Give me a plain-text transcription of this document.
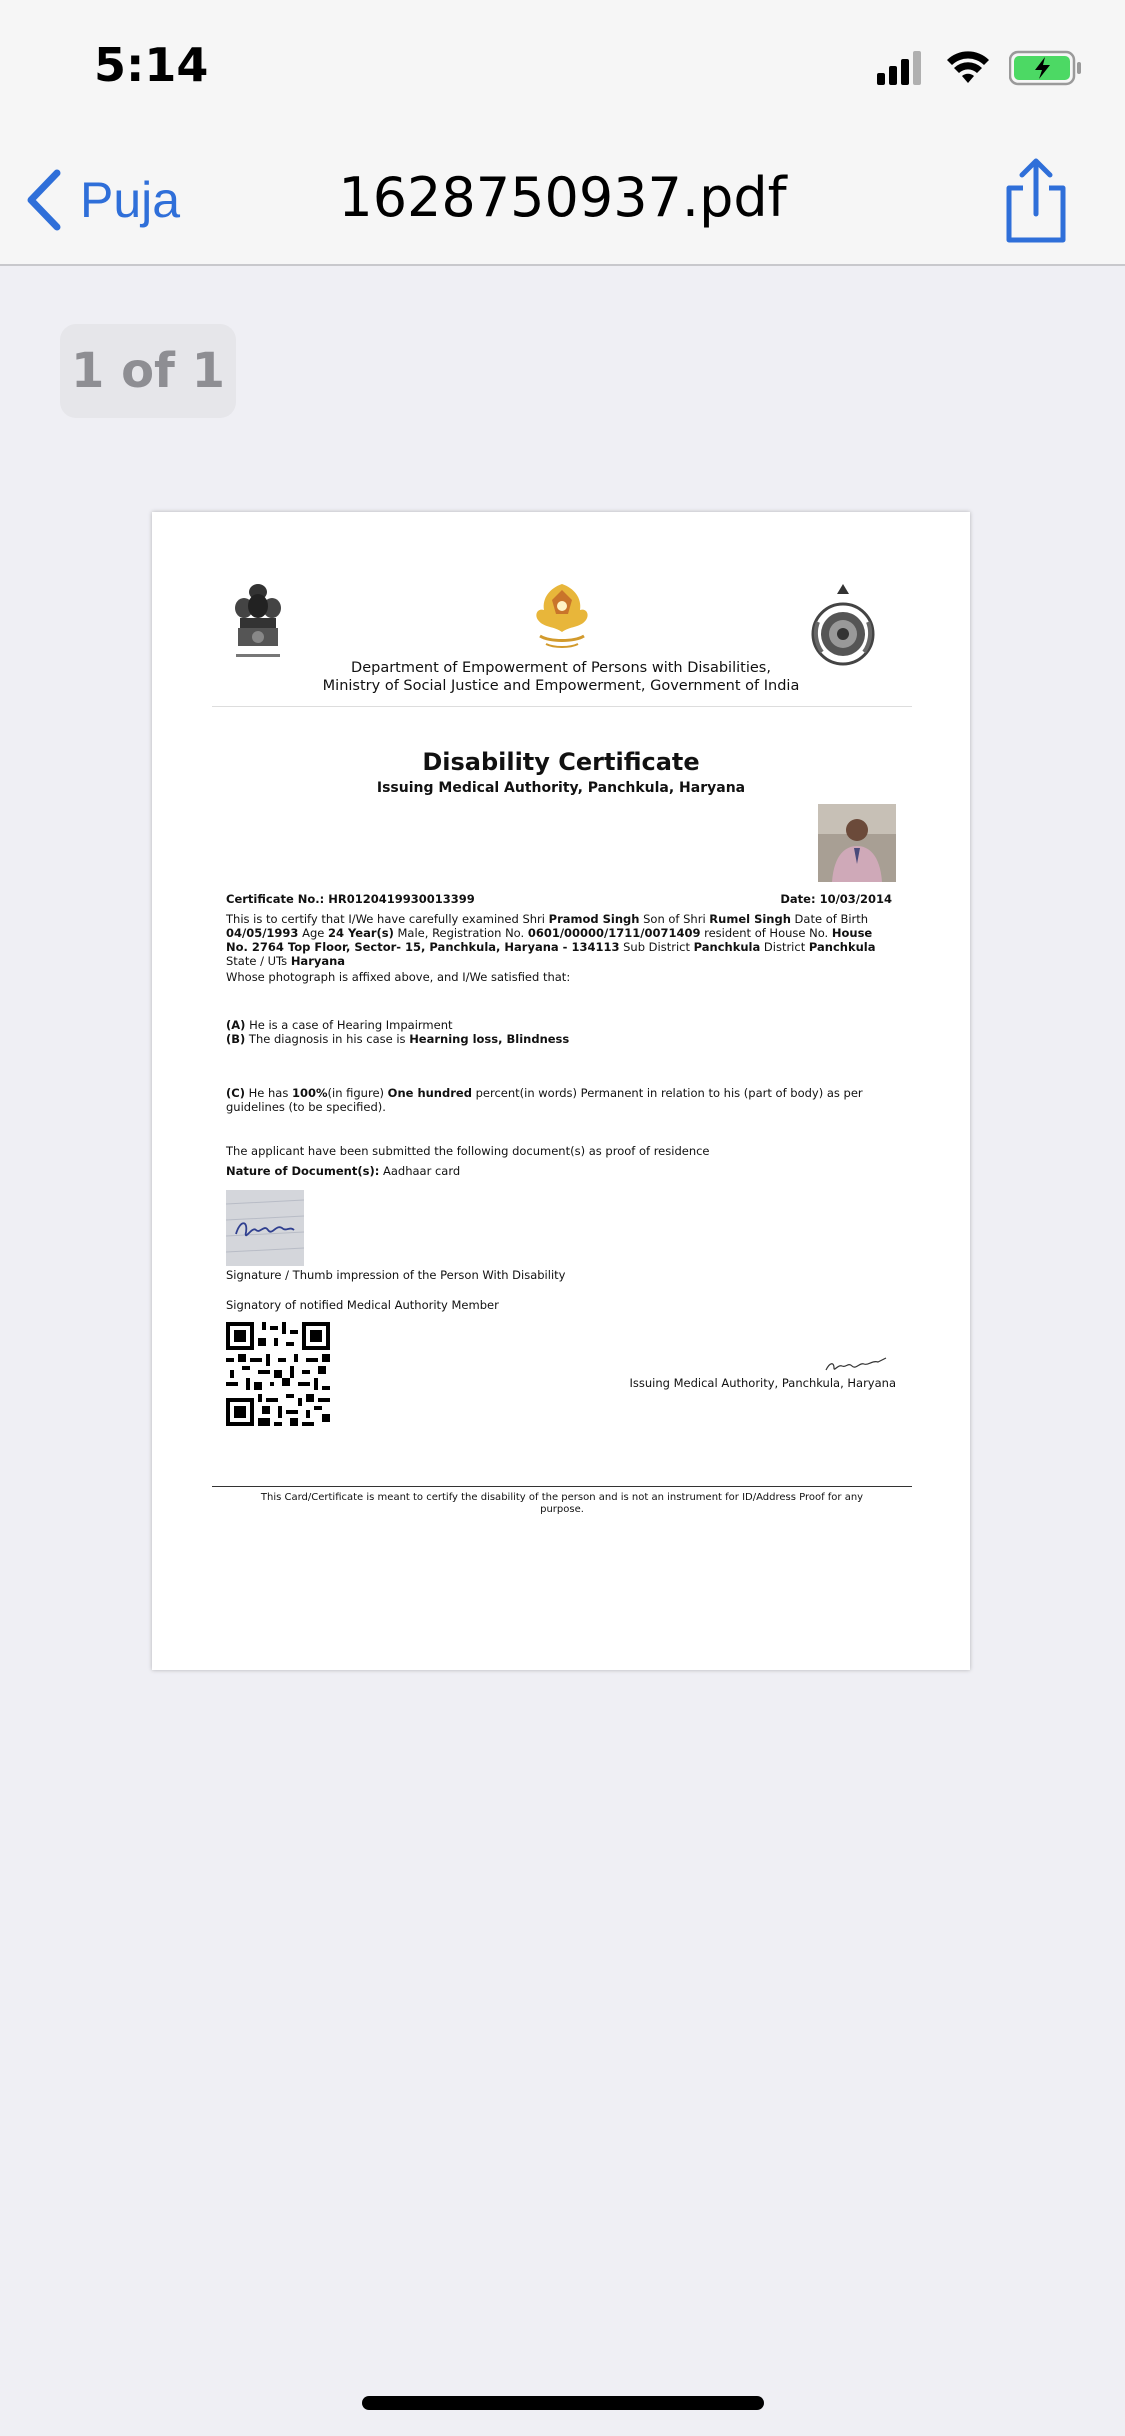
5:14
Puja	1628750937.pdf
1 of 1
Department of Empowerment of Persons with Disabilities,
Ministry of Social Justice and Empowerment, Government of India
Disability Certificate
Issuing Medical Authority, Panchkula, Haryana
Certificate No.: HR0120419930013399	Date: 10/03/2014
This is to certify that I/We have carefully examined Shri Pramod Singh Son of Shri Rumel Singh Date of Birth 04/05/1993 Age 24 Year(s) Male, Registration No. 0601/00000/1711/0071409 resident of House No. House No. 2764 Top Floor, Sector- 15, Panchkula, Haryana - 134113 Sub District Panchkula District Panchkula State / UTs Haryana
Whose photograph is affixed above, and I/We satisfied that:
(A) He is a case of Hearing Impairment
(B) The diagnosis in his case is Hearning loss, Blindness
(C) He has 100%(in figure) One hundred percent(in words) Permanent in relation to his (part of body) as per guidelines (to be specified).
The applicant have been submitted the following document(s) as proof of residence
Nature of Document(s): Aadhaar card
Signature / Thumb impression of the Person With Disability
Signatory of notified Medical Authority Member
Issuing Medical Authority, Panchkula, Haryana
This Card/Certificate is meant to certify the disability of the person and is not an instrument for ID/Address Proof for any purpose.
